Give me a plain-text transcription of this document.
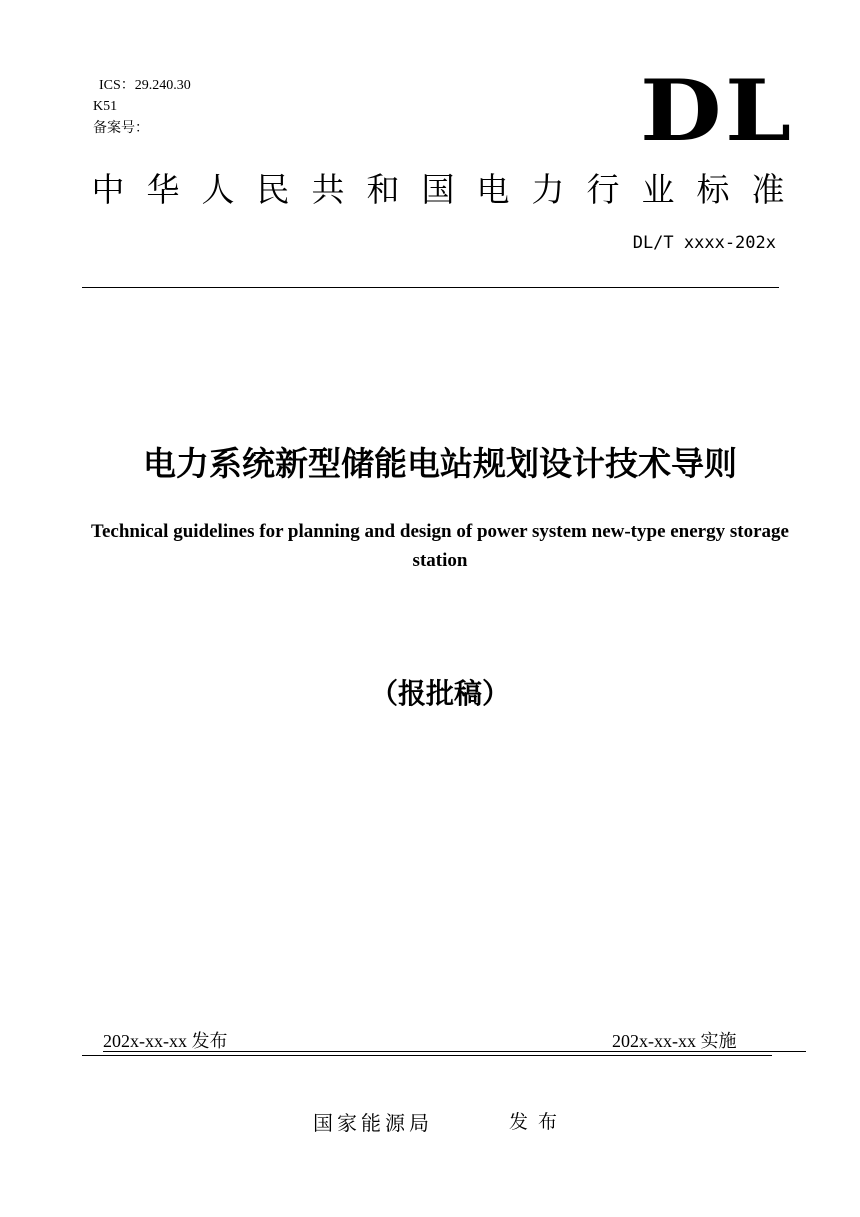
ICS：29.240.30
K51
备案号：	DL
中 华 人 民 共 和 国 电 力 行 业 标 准
DL/T xxxx-202x
电力系统新型储能电站规划设计技术导则
Technical guidelines for planning and design of power system new-type energy storage station
（报批稿）
202x-xx-xx 发布	202x-xx-xx 实施
国家能源局	发布
